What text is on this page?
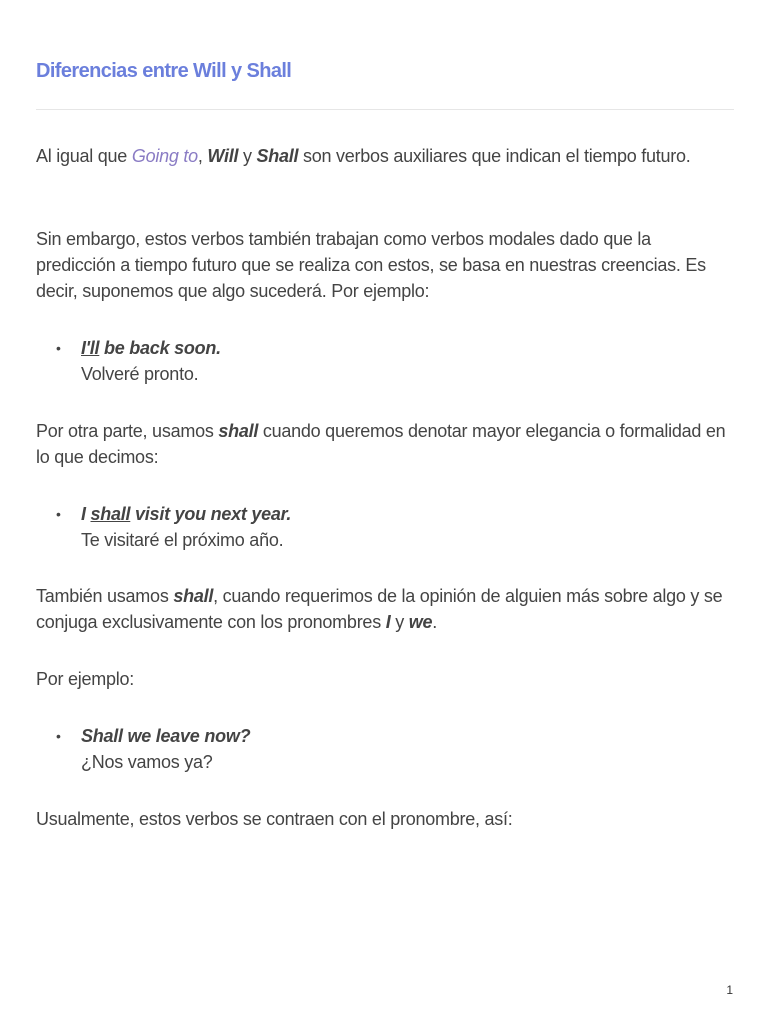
Diferencias entre Will y Shall

Al igual que Going to, Will y Shall son verbos auxiliares que indican el tiempo futuro.

Sin embargo, estos verbos también trabajan como verbos modales dado que la predicción a tiempo futuro que se realiza con estos, se basa en nuestras creencias. Es decir, suponemos que algo sucederá. Por ejemplo:

• I'll be back soon.
Volveré pronto.

Por otra parte, usamos shall cuando queremos denotar mayor elegancia o formalidad en lo que decimos:

• I shall visit you next year.
Te visitaré el próximo año.

También usamos shall, cuando requerimos de la opinión de alguien más sobre algo y se conjuga exclusivamente con los pronombres I y we.

Por ejemplo:

• Shall we leave now?
¿Nos vamos ya?

Usualmente, estos verbos se contraen con el pronombre, así:

1
